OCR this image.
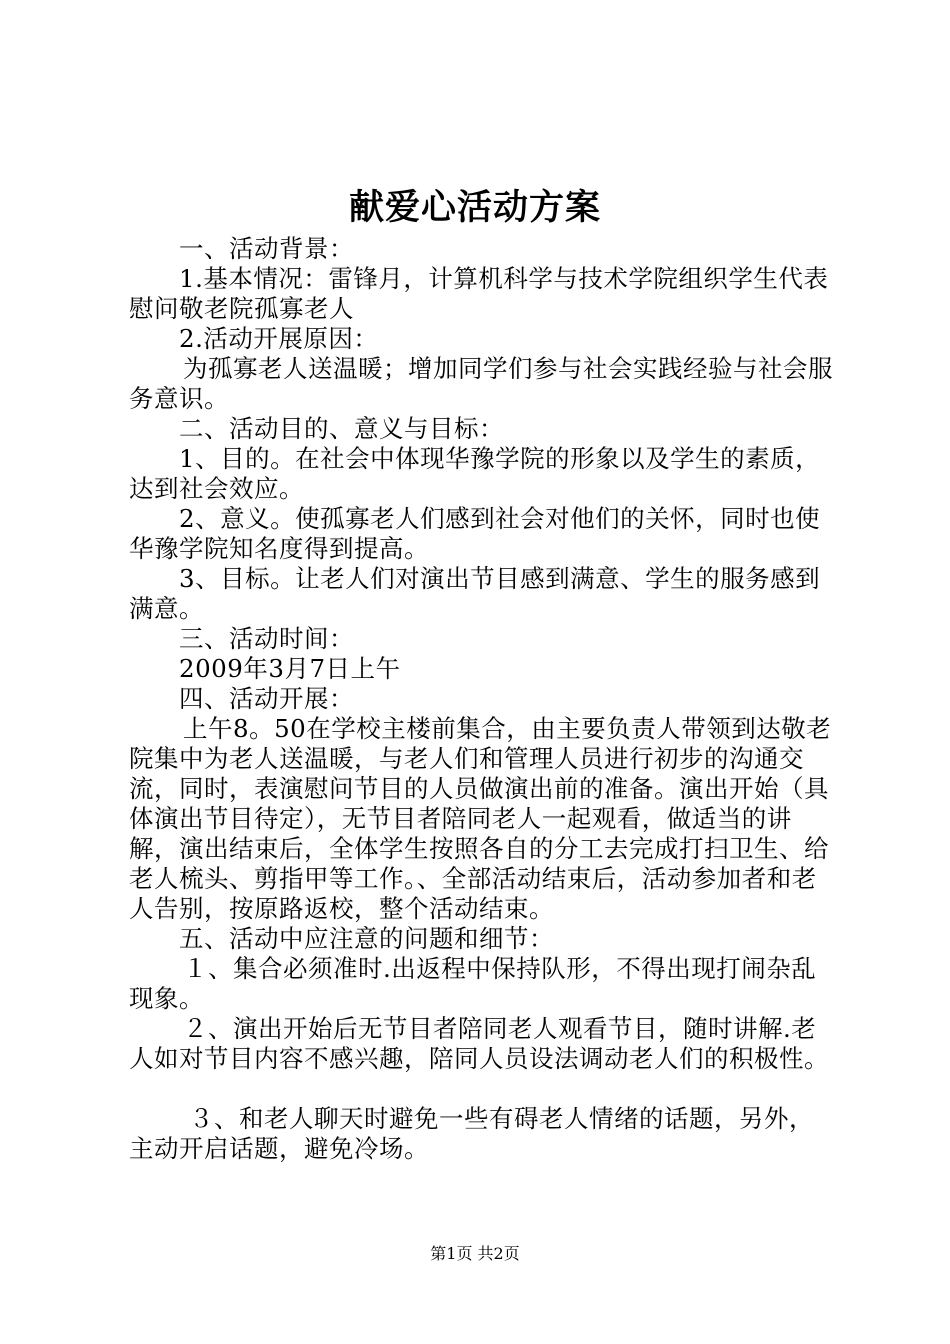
献爱心活动方案

一、活动背景：

1.基本情况：雷锋月，计算机科学与技术学院组织学生代表慰问敬老院孤寡老人

2.活动开展原因：

为孤寡老人送温暖；增加同学们参与社会实践经验与社会服务意识。

二、活动目的、意义与目标：

1、目的。在社会中体现华豫学院的形象以及学生的素质，达到社会效应。

2、意义。使孤寡老人们感到社会对他们的关怀，同时也使华豫学院知名度得到提高。

3、目标。让老人们对演出节目感到满意、学生的服务感到满意。

三、活动时间：

2009年3月7日上午

四、活动开展：

上午8。50在学校主楼前集合，由主要负责人带领到达敬老院集中为老人送温暖，与老人们和管理人员进行初步的沟通交流，同时，表演慰问节目的人员做演出前的准备。演出开始（具体演出节目待定），无节目者陪同老人一起观看，做适当的讲解，演出结束后，全体学生按照各自的分工去完成打扫卫生、给老人梳头、剪指甲等工作。、全部活动结束后，活动参加者和老人告别，按原路返校，整个活动结束。

五、活动中应注意的问题和细节：

１、集合必须准时.出返程中保持队形，不得出现打闹杂乱现象。

２、演出开始后无节目者陪同老人观看节目，随时讲解.老人如对节目内容不感兴趣，陪同人员设法调动老人们的积极性。

３、和老人聊天时避免一些有碍老人情绪的话题，另外，主动开启话题，避免冷场。

第1页 共2页
